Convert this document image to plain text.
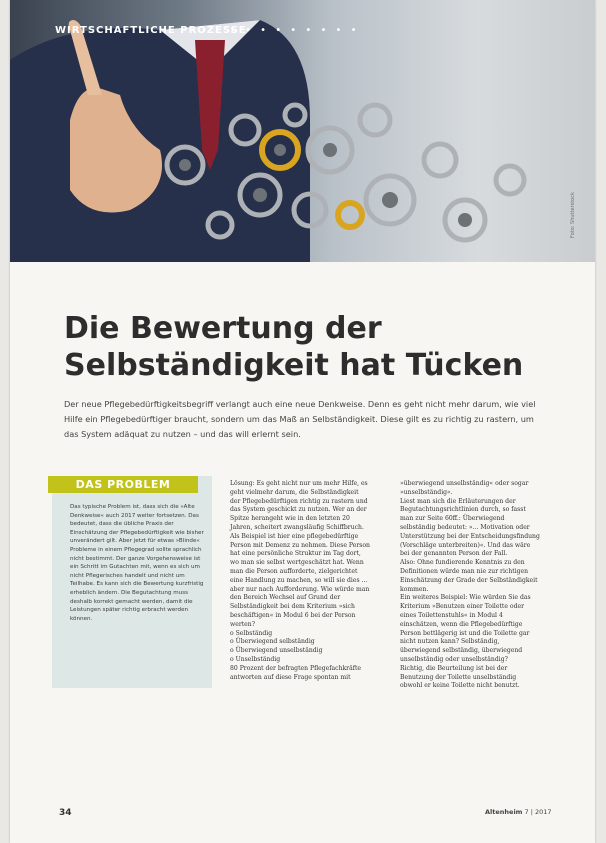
WIRTSCHAFTLICHE PROZESSE
• • • • • • • • •
Foto: Shutterstock
Die Bewertung der Selbständigkeit hat Tücken

Der neue Pflegebedürftigkeitsbegriff verlangt auch eine neue Denkweise. Denn es geht nicht mehr darum, wie viel Hilfe ein Pflegebedürftiger braucht, sondern um das Maß an Selbständigkeit. Diese gilt es zu richtig zu rastern, um das System adäquat zu nutzen – und das will erlernt sein.

DAS PROBLEM

Das typische Problem ist, dass sich die »Alte Denkweise« auch 2017 weiter fortsetzen. Das bedeutet, dass die übliche Praxis der Einschätzung der Pflegebedürftigkeit wie bisher unverändert gilt. Aber jetzt für etwas »Blinde« Probleme in einem Pflegegrad sollte sprachlich nicht bestimmt. Der ganze Vorgehensweise ist ein Schritt im Gutachten mit, wenn es sich um nicht Pflegerisches handelt und nicht um Teilhabe. Es kann sich die Bewertung kurzfristig erheblich ändern. Die Begutachtung muss deshalb korrekt gemacht werden, damit die Leistungen später richtig erbracht werden können.

Lösung: Es geht nicht nur um mehr Hilfe, es geht vielmehr darum, die Selbständigkeit der Pflegebedürftigen richtig zu rastern und das System geschickt zu nutzen. Wer an der Spitze herangeht wie in den letzten 20 Jahren, scheitert zwangsläufig Schiffbruch.

Als Beispiel ist hier eine pflegebedürftige Person mit Demenz zu nehmen. Diese Person hat eine persönliche Struktur im Tag dort, wo man sie selbst wertgeschätzt hat. Wenn man die Person aufforderte, zielgerichtet eine Handlung zu machen, so will sie dies ... aber nur nach Aufforderung. Wie würde man den Bereich Wechsel auf Grund der Selbständigkeit bei dem Kriterium »sich beschäftigen« in Modul 6 bei der Person werten?

o Selbständig
o Überwiegend selbständig
o Überwiegend unselbständig
o Unselbständig

80 Prozent der befragten Pflegefachkräfte antworten auf diese Frage spontan mit

»überwiegend unselbständig« oder sogar »unselbständig«.

Liest man sich die Erläuterungen der Begutachtungsrichtlinien durch, so fasst man zur Seite 60ff.: Überwiegend selbständig bedeutet: »... Motivation oder Unterstützung bei der Entscheidungsfindung (Vorschläge unterbreiten)«. Und das wäre bei der genannten Person der Fall.

Also: Ohne fundierende Kenntnis zu den Definitionen würde man nie zur richtigen Einschätzung der Grade der Selbständigkeit kommen.

Ein weiteres Beispiel: Wie würden Sie das Kriterium »Benutzen einer Toilette oder eines Toilettenstuhls« in Modul 4 einschätzen, wenn die Pflegebedürftige Person bettlägerig ist und die Toilette gar nicht nutzen kann? Selbständig, überwiegend selbständig, überwiegend unselbständig oder unselbständig?

Richtig, die Beurteilung ist bei der Benutzung der Toilette unselbständig obwohl er keine Toilette nicht benutzt.

34	Altenheim 7 | 2017
